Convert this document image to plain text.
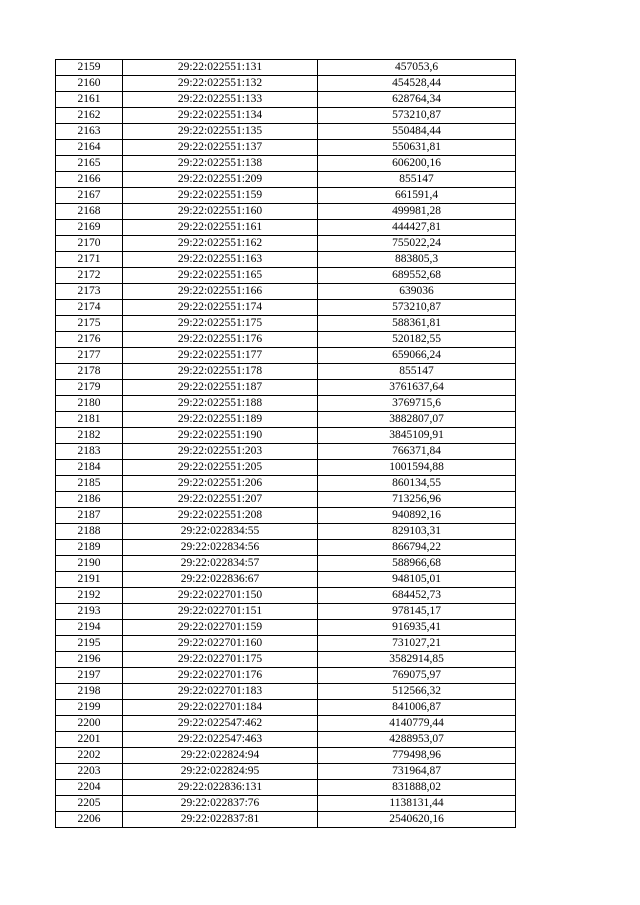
2159	29:22:022551:131	457053,6
2160	29:22:022551:132	454528,44
2161	29:22:022551:133	628764,34
2162	29:22:022551:134	573210,87
2163	29:22:022551:135	550484,44
2164	29:22:022551:137	550631,81
2165	29:22:022551:138	606200,16
2166	29:22:022551:209	855147
2167	29:22:022551:159	661591,4
2168	29:22:022551:160	499981,28
2169	29:22:022551:161	444427,81
2170	29:22:022551:162	755022,24
2171	29:22:022551:163	883805,3
2172	29:22:022551:165	689552,68
2173	29:22:022551:166	639036
2174	29:22:022551:174	573210,87
2175	29:22:022551:175	588361,81
2176	29:22:022551:176	520182,55
2177	29:22:022551:177	659066,24
2178	29:22:022551:178	855147
2179	29:22:022551:187	3761637,64
2180	29:22:022551:188	3769715,6
2181	29:22:022551:189	3882807,07
2182	29:22:022551:190	3845109,91
2183	29:22:022551:203	766371,84
2184	29:22:022551:205	1001594,88
2185	29:22:022551:206	860134,55
2186	29:22:022551:207	713256,96
2187	29:22:022551:208	940892,16
2188	29:22:022834:55	829103,31
2189	29:22:022834:56	866794,22
2190	29:22:022834:57	588966,68
2191	29:22:022836:67	948105,01
2192	29:22:022701:150	684452,73
2193	29:22:022701:151	978145,17
2194	29:22:022701:159	916935,41
2195	29:22:022701:160	731027,21
2196	29:22:022701:175	3582914,85
2197	29:22:022701:176	769075,97
2198	29:22:022701:183	512566,32
2199	29:22:022701:184	841006,87
2200	29:22:022547:462	4140779,44
2201	29:22:022547:463	4288953,07
2202	29:22:022824:94	779498,96
2203	29:22:022824:95	731964,87
2204	29:22:022836:131	831888,02
2205	29:22:022837:76	1138131,44
2206	29:22:022837:81	2540620,16
